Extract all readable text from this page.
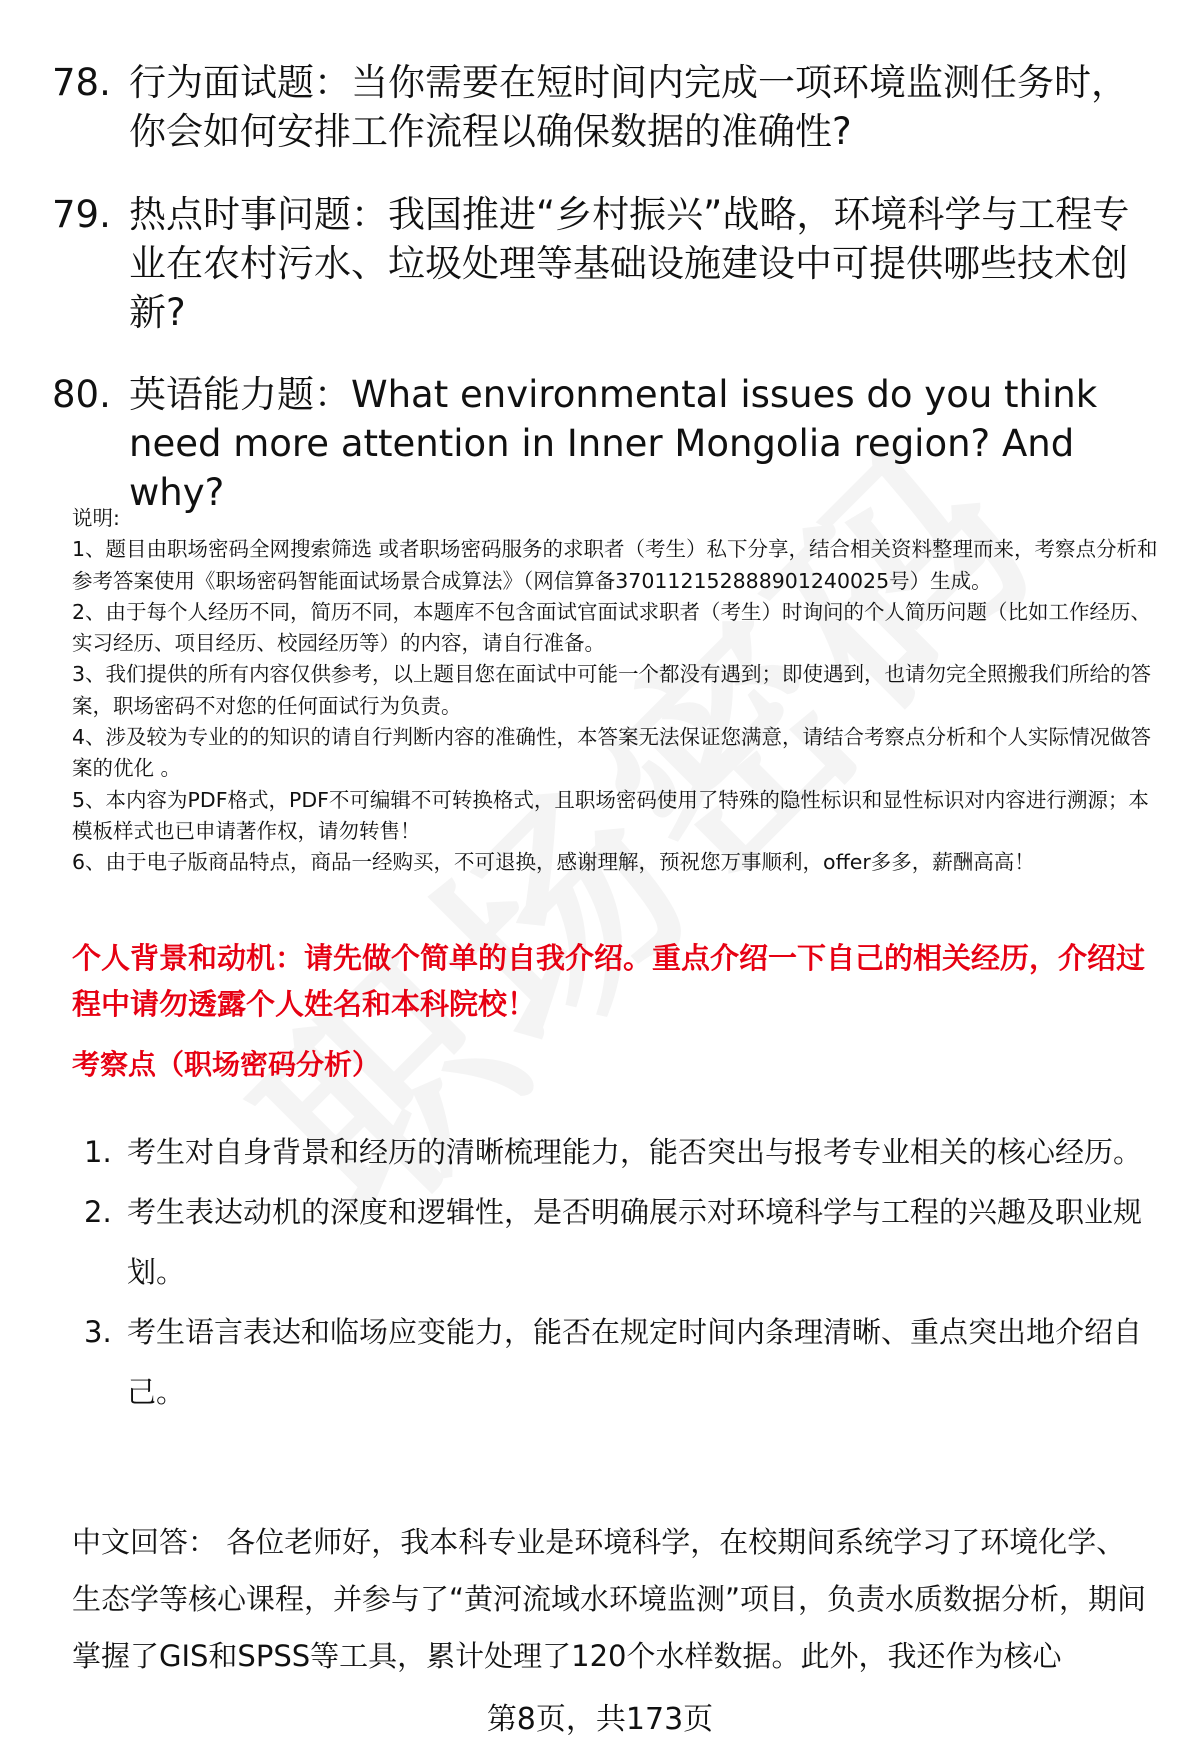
78. 行为面试题：当你需要在短时间内完成一项环境监测任务时，你会如何安排工作流程以确保数据的准确性?
79. 热点时事问题：我国推进“乡村振兴”战略，环境科学与工程专业在农村污水、垃圾处理等基础设施建设中可提供哪些技术创新?
80. 英语能力题：What environmental issues do you think need more attention in Inner Mongolia region? And why?

说明:

1、题目由职场密码全网搜索筛选 或者职场密码服务的求职者（考生）私下分享，结合相关资料整理而来，考察点分析和参考答案使用《职场密码智能面试场景合成算法》（网信算备370112152888901240025号）生成。

2、由于每个人经历不同，简历不同，本题库不包含面试官面试求职者（考生）时询问的个人简历问题（比如工作经历、实习经历、项目经历、校园经历等）的内容，请自行准备。

3、我们提供的所有内容仅供参考，以上题目您在面试中可能一个都没有遇到；即使遇到，也请勿完全照搬我们所给的答案，职场密码不对您的任何面试行为负责。

4、涉及较为专业的的知识的请自行判断内容的准确性，本答案无法保证您满意，请结合考察点分析和个人实际情况做答案的优化 。

5、本内容为PDF格式，PDF不可编辑不可转换格式，且职场密码使用了特殊的隐性标识和显性标识对内容进行溯源；本模板样式也已申请著作权，请勿转售！

6、由于电子版商品特点，商品一经购买，不可退换，感谢理解，预祝您万事顺利，offer多多，薪酬高高！

个人背景和动机：请先做个简单的自我介绍。重点介绍一下自己的相关经历，介绍过程中请勿透露个人姓名和本科院校！
考察点（职场密码分析）
1. 考生对自身背景和经历的清晰梳理能力，能否突出与报考专业相关的核心经历。
2. 考生表达动机的深度和逻辑性，是否明确展示对环境科学与工程的兴趣及职业规划。
3. 考生语言表达和临场应变能力，能否在规定时间内条理清晰、重点突出地介绍自己。
中文回答： 各位老师好，我本科专业是环境科学，在校期间系统学习了环境化学、生态学等核心课程，并参与了“黄河流域水环境监测”项目，负责水质数据分析，期间掌握了GIS和SPSS等工具，累计处理了120个水样数据。此外，我还作为核心
第8页，共173页
